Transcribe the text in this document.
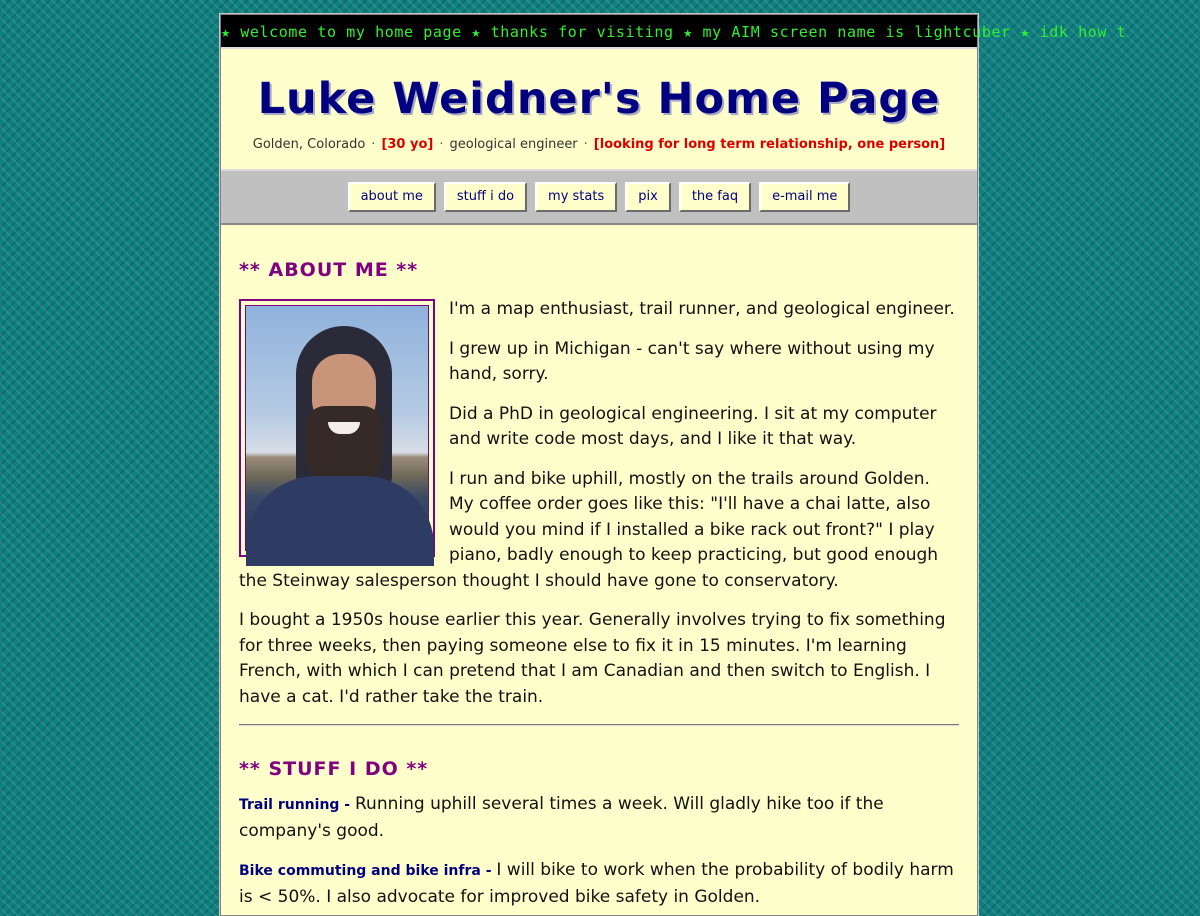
★ welcome to my home page ★ thanks for visiting ★ my AIM screen name is lightcuber ★ idk how t
Luke Weidner's Home Page
Golden, Colorado · [30 yo] · geological engineer · [looking for long term relationship, one person]
about me	stuff i do	my stats	pix	the faq	e-mail me
** ABOUT ME **

I'm a map enthusiast, trail runner, and geological engineer.

I grew up in Michigan - can't say where without using my hand, sorry.

Did a PhD in geological engineering. I sit at my computer and write code most days, and I like it that way.

I run and bike uphill, mostly on the trails around Golden. My coffee order goes like this: "I'll have a chai latte, also would you mind if I installed a bike rack out front?" I play piano, badly enough to keep practicing, but good enough the Steinway salesperson thought I should have gone to conservatory.

I bought a 1950s house earlier this year. Generally involves trying to fix something for three weeks, then paying someone else to fix it in 15 minutes. I'm learning French, with which I can pretend that I am Canadian and then switch to English. I have a cat. I'd rather take the train.

** STUFF I DO **

Trail running - Running uphill several times a week. Will gladly hike too if the company's good.

Bike commuting and bike infra - I will bike to work when the probability of bodily harm is < 50%. I also advocate for improved bike safety in Golden.
